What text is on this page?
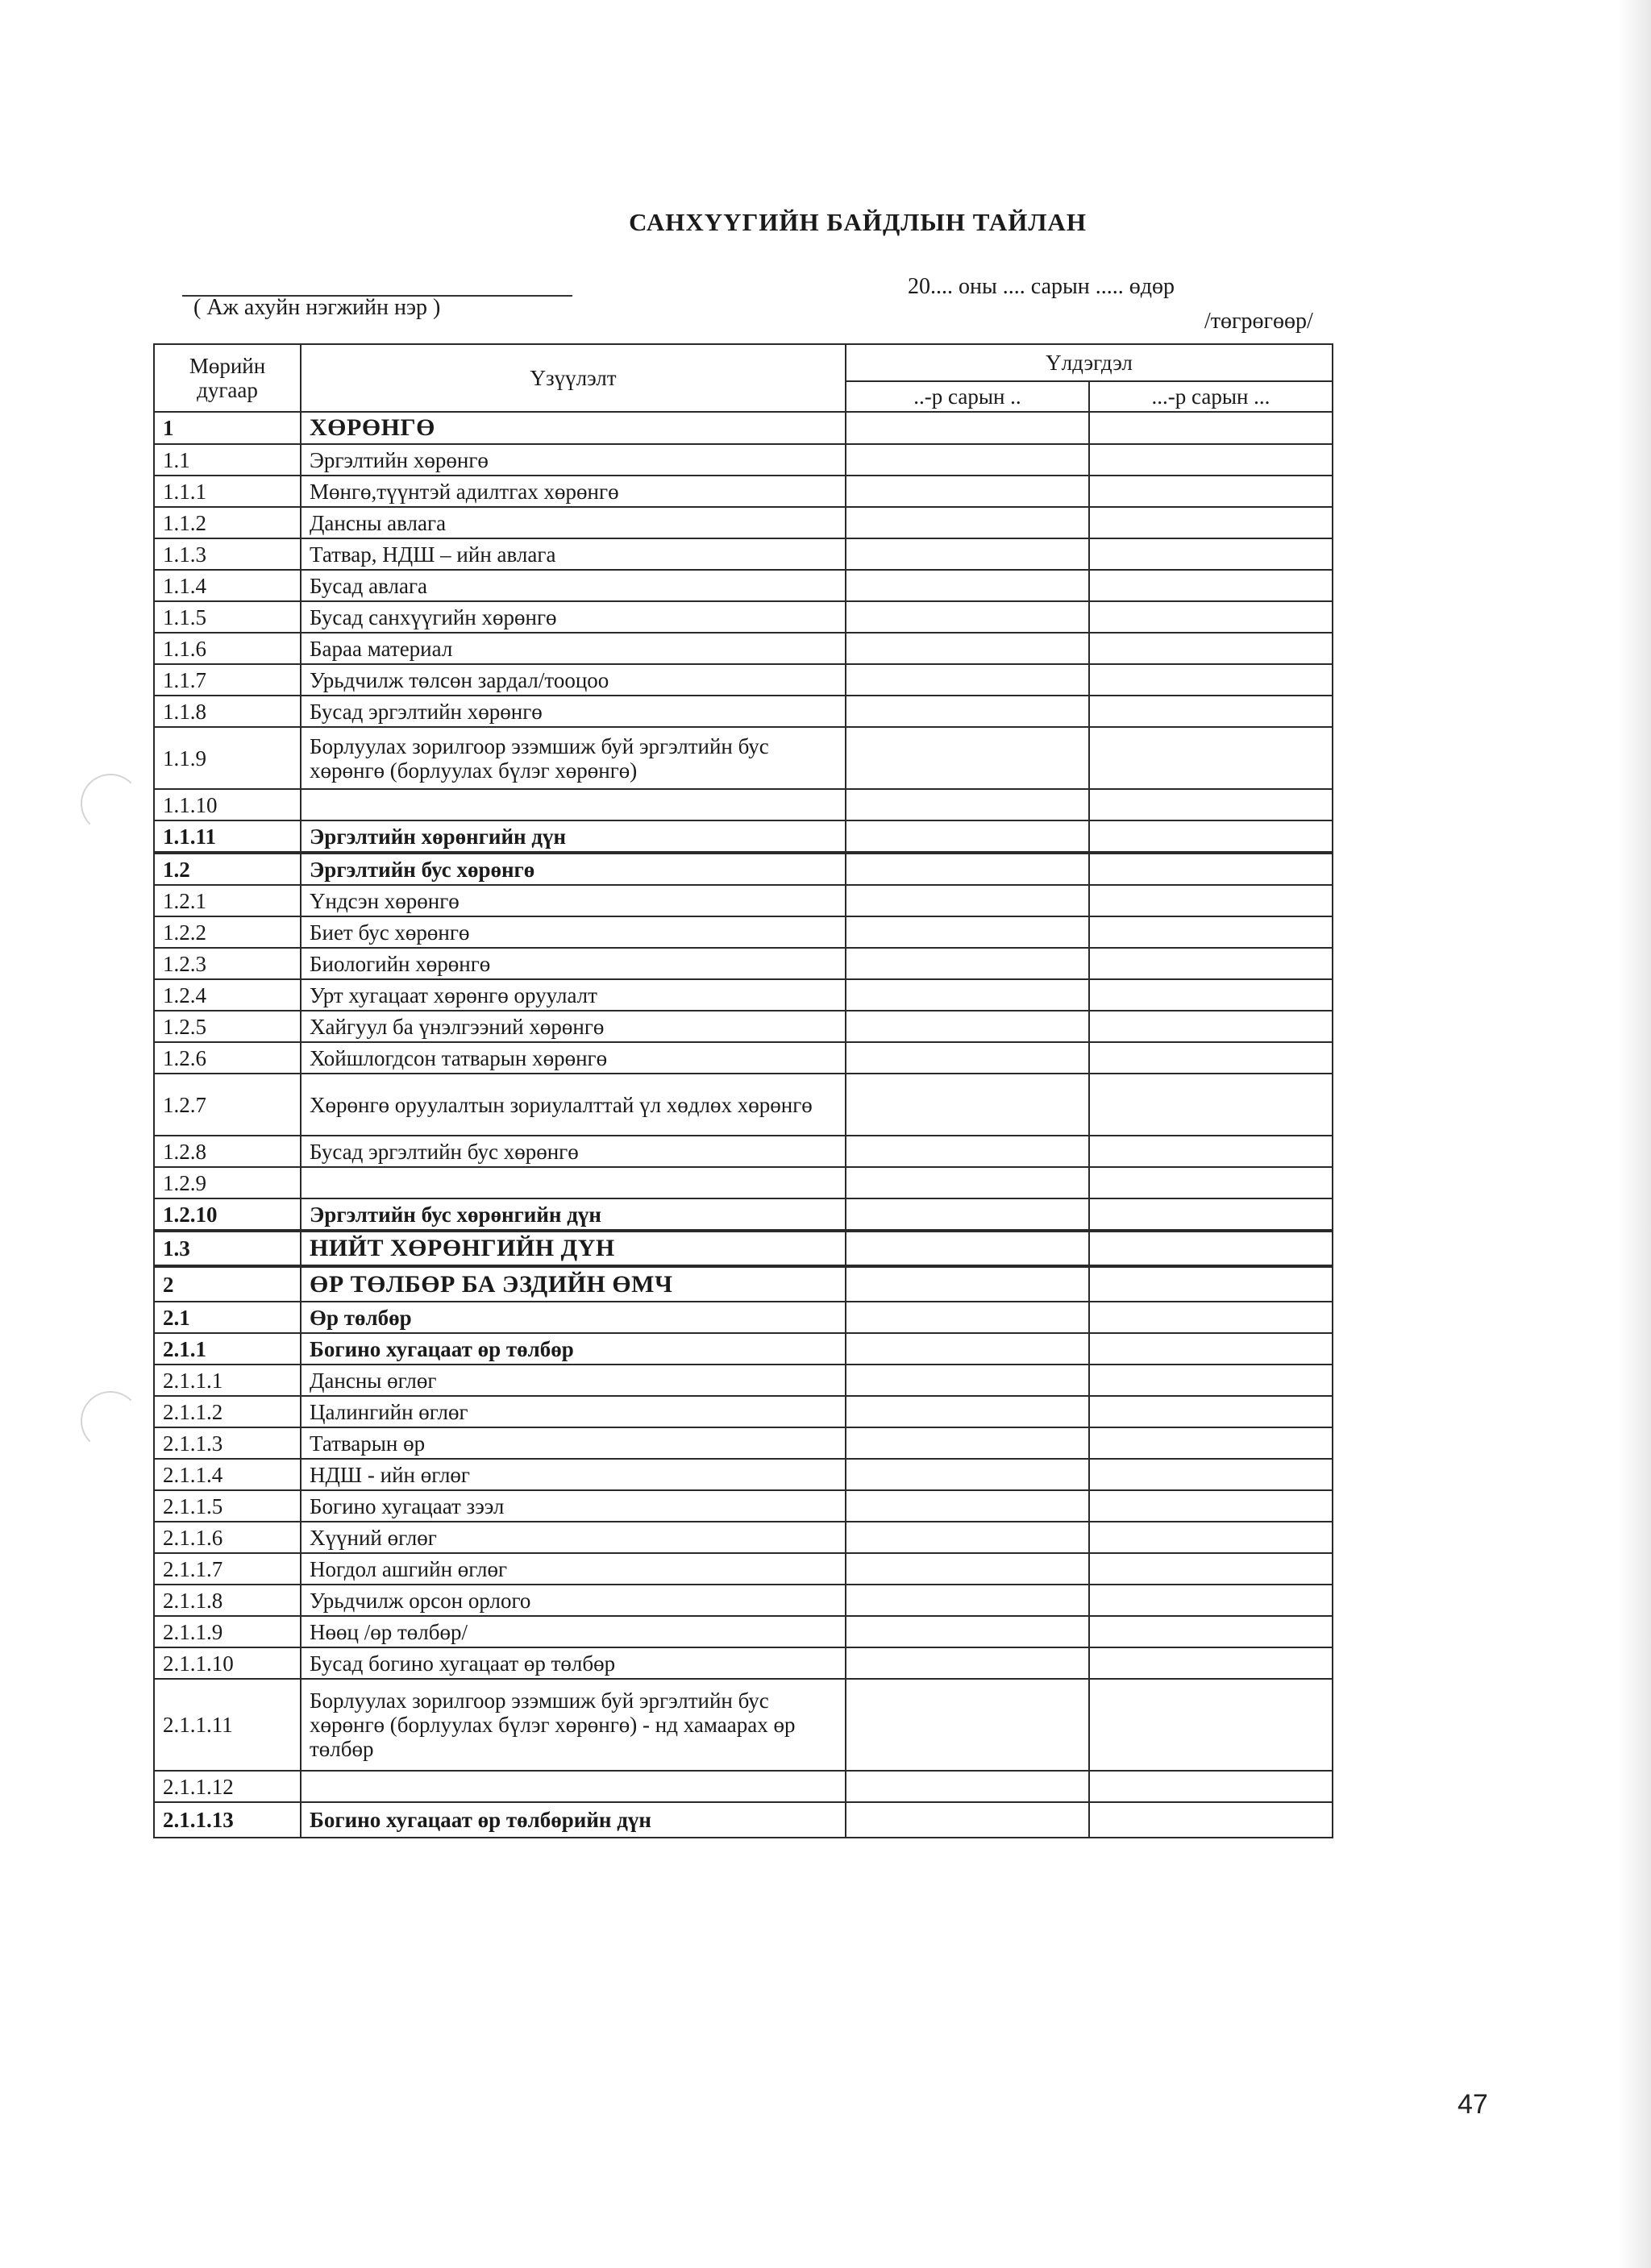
САНХҮҮГИЙН БАЙДЛЫН ТАЙЛАН
( Аж ахуйн нэгжийн нэр )
20.... оны .... сарын ..... өдөр
/төгрөгөөр/
Мөрийн дугаар	Үзүүлэлт	Үлдэгдэл	
		..-р сарын ..	...-р сарын ...
1	ХӨРӨНГӨ		
1.1	Эргэлтийн хөрөнгө		
1.1.1	Мөнгө,түүнтэй адилтгах хөрөнгө		
1.1.2	Дансны авлага		
1.1.3	Татвар, НДШ – ийн авлага		
1.1.4	Бусад авлага		
1.1.5	Бусад санхүүгийн хөрөнгө		
1.1.6	Бараа материал		
1.1.7	Урьдчилж төлсөн зардал/тооцоо		
1.1.8	Бусад эргэлтийн хөрөнгө		
1.1.9	Борлуулах зорилгоор эзэмшиж буй эргэлтийн бус хөрөнгө (борлуулах бүлэг хөрөнгө)		
1.1.10			
1.1.11	Эргэлтийн хөрөнгийн дүн		
1.2	Эргэлтийн бус хөрөнгө		
1.2.1	Үндсэн хөрөнгө		
1.2.2	Биет бус хөрөнгө		
1.2.3	Биологийн хөрөнгө		
1.2.4	Урт хугацаат хөрөнгө оруулалт		
1.2.5	Хайгуул ба үнэлгээний хөрөнгө		
1.2.6	Хойшлогдсон татварын хөрөнгө		
1.2.7	Хөрөнгө оруулалтын зориулалттай үл хөдлөх хөрөнгө		
1.2.8	Бусад эргэлтийн бус хөрөнгө		
1.2.9			
1.2.10	Эргэлтийн бус хөрөнгийн дүн		
1.3	НИЙТ ХӨРӨНГИЙН ДҮН		
2	ӨР ТӨЛБӨР БА ЭЗДИЙН ӨМЧ		
2.1	Өр төлбөр		
2.1.1	Богино хугацаат өр төлбөр		
2.1.1.1	Дансны өглөг		
2.1.1.2	Цалингийн өглөг		
2.1.1.3	Татварын өр		
2.1.1.4	НДШ - ийн өглөг		
2.1.1.5	Богино хугацаат зээл		
2.1.1.6	Хүүний өглөг		
2.1.1.7	Ногдол ашгийн өглөг		
2.1.1.8	Урьдчилж орсон орлого		
2.1.1.9	Нөөц /өр төлбөр/		
2.1.1.10	Бусад богино хугацаат өр төлбөр		
2.1.1.11	Борлуулах зорилгоор эзэмшиж буй эргэлтийн бус хөрөнгө (борлуулах бүлэг хөрөнгө) - нд хамаарах өр төлбөр		
2.1.1.12			
2.1.1.13	Богино хугацаат өр төлбөрийн дүн		
47
